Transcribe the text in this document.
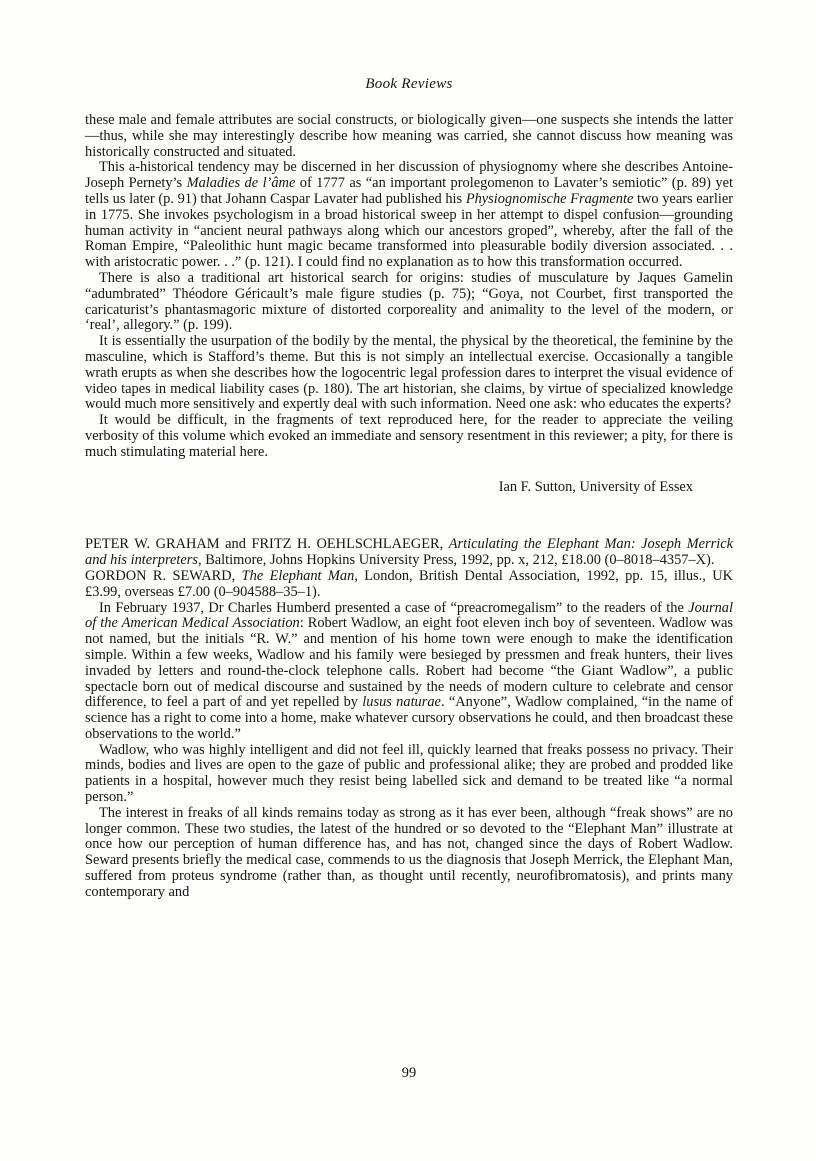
Book Reviews

these male and female attributes are social constructs, or biologically given—one suspects she intends the latter—thus, while she may interestingly describe how meaning was carried, she cannot discuss how meaning was historically constructed and situated.

This a-historical tendency may be discerned in her discussion of physiognomy where she describes Antoine-Joseph Pernety’s Maladies de l’âme of 1777 as “an important prolegomenon to Lavater’s semiotic” (p. 89) yet tells us later (p. 91) that Johann Caspar Lavater had published his Physiognomische Fragmente two years earlier in 1775. She invokes psychologism in a broad historical sweep in her attempt to dispel confusion—grounding human activity in “ancient neural pathways along which our ancestors groped”, whereby, after the fall of the Roman Empire, “Paleolithic hunt magic became transformed into pleasurable bodily diversion associated. . . with aristocratic power. . .” (p. 121). I could find no explanation as to how this transformation occurred.

There is also a traditional art historical search for origins: studies of musculature by Jaques Gamelin “adumbrated” Théodore Géricault’s male figure studies (p. 75); “Goya, not Courbet, first transported the caricaturist’s phantasmagoric mixture of distorted corporeality and animality to the level of the modern, or ‘real’, allegory.” (p. 199).

It is essentially the usurpation of the bodily by the mental, the physical by the theoretical, the feminine by the masculine, which is Stafford’s theme. But this is not simply an intellectual exercise. Occasionally a tangible wrath erupts as when she describes how the logocentric legal profession dares to interpret the visual evidence of video tapes in medical liability cases (p. 180). The art historian, she claims, by virtue of specialized knowledge would much more sensitively and expertly deal with such information. Need one ask: who educates the experts?

It would be difficult, in the fragments of text reproduced here, for the reader to appreciate the veiling verbosity of this volume which evoked an immediate and sensory resentment in this reviewer; a pity, for there is much stimulating material here.

Ian F. Sutton, University of Essex

PETER W. GRAHAM and FRITZ H. OEHLSCHLAEGER, Articulating the Elephant Man: Joseph Merrick and his interpreters, Baltimore, Johns Hopkins University Press, 1992, pp. x, 212, £18.00 (0–8018–4357–X).

GORDON R. SEWARD, The Elephant Man, London, British Dental Association, 1992, pp. 15, illus., UK £3.99, overseas £7.00 (0–904588–35–1).

In February 1937, Dr Charles Humberd presented a case of “preacromegalism” to the readers of the Journal of the American Medical Association: Robert Wadlow, an eight foot eleven inch boy of seventeen. Wadlow was not named, but the initials “R. W.” and mention of his home town were enough to make the identification simple. Within a few weeks, Wadlow and his family were besieged by pressmen and freak hunters, their lives invaded by letters and round-the-clock telephone calls. Robert had become “the Giant Wadlow”, a public spectacle born out of medical discourse and sustained by the needs of modern culture to celebrate and censor difference, to feel a part of and yet repelled by lusus naturae. “Anyone”, Wadlow complained, “in the name of science has a right to come into a home, make whatever cursory observations he could, and then broadcast these observations to the world.”

Wadlow, who was highly intelligent and did not feel ill, quickly learned that freaks possess no privacy. Their minds, bodies and lives are open to the gaze of public and professional alike; they are probed and prodded like patients in a hospital, however much they resist being labelled sick and demand to be treated like “a normal person.”

The interest in freaks of all kinds remains today as strong as it has ever been, although “freak shows” are no longer common. These two studies, the latest of the hundred or so devoted to the “Elephant Man” illustrate at once how our perception of human difference has, and has not, changed since the days of Robert Wadlow. Seward presents briefly the medical case, commends to us the diagnosis that Joseph Merrick, the Elephant Man, suffered from proteus syndrome (rather than, as thought until recently, neurofibromatosis), and prints many contemporary and

99
